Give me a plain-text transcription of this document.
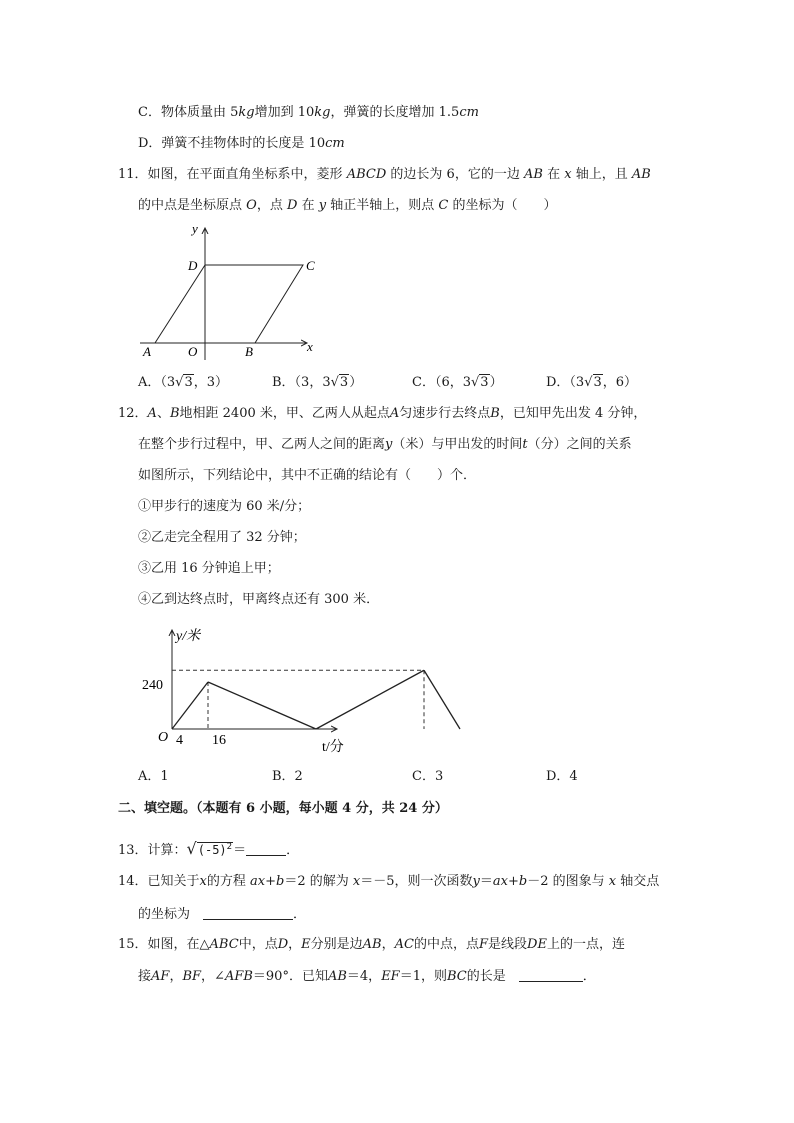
C．物体质量由 5kg增加到 10kg，弹簧的长度增加 1.5cm
D．弹簧不挂物体时的长度是 10cm
11．如图，在平面直角坐标系中，菱形 ABCD 的边长为 6，它的一边 AB 在 x 轴上，且 AB
的中点是坐标原点 O，点 D 在 y 轴正半轴上，则点 C 的坐标为（　　）
y
x
D	C
A	O	B
A．（3√3，3）	B．（3，3√3）	C．（6，3√3）	D．（3√3，6）
12．A、B地相距 2400 米，甲、乙两人从起点A匀速步行去终点B，已知甲先出发 4 分钟，
在整个步行过程中，甲、乙两人之间的距离y（米）与甲出发的时间t（分）之间的关系
如图所示，下列结论中，其中不正确的结论有（　　）个．
①甲步行的速度为 60 米/分；
②乙走完全程用了 32 分钟；
③乙用 16 分钟追上甲；
④乙到达终点时，甲离终点还有 300 米．
y/米
t/分
O
240
4 16
A．1	B．2	C．3	D．4
二、填空题。（本题有 6 小题，每小题 4 分，共 24 分）
13．计算：$√(-5)^2=$	．
14．已知关于x的方程 ax+b＝2 的解为 x＝－5，则一次函数y＝ax+b－2 的图象与 x 轴交点
的坐标为　	．
15．如图，在△ABC中，点D，E分别是边AB，AC的中点，点F是线段DE上的一点，连
接AF，BF，∠AFB＝90°．已知AB＝4，EF＝1，则BC的长是　	．
